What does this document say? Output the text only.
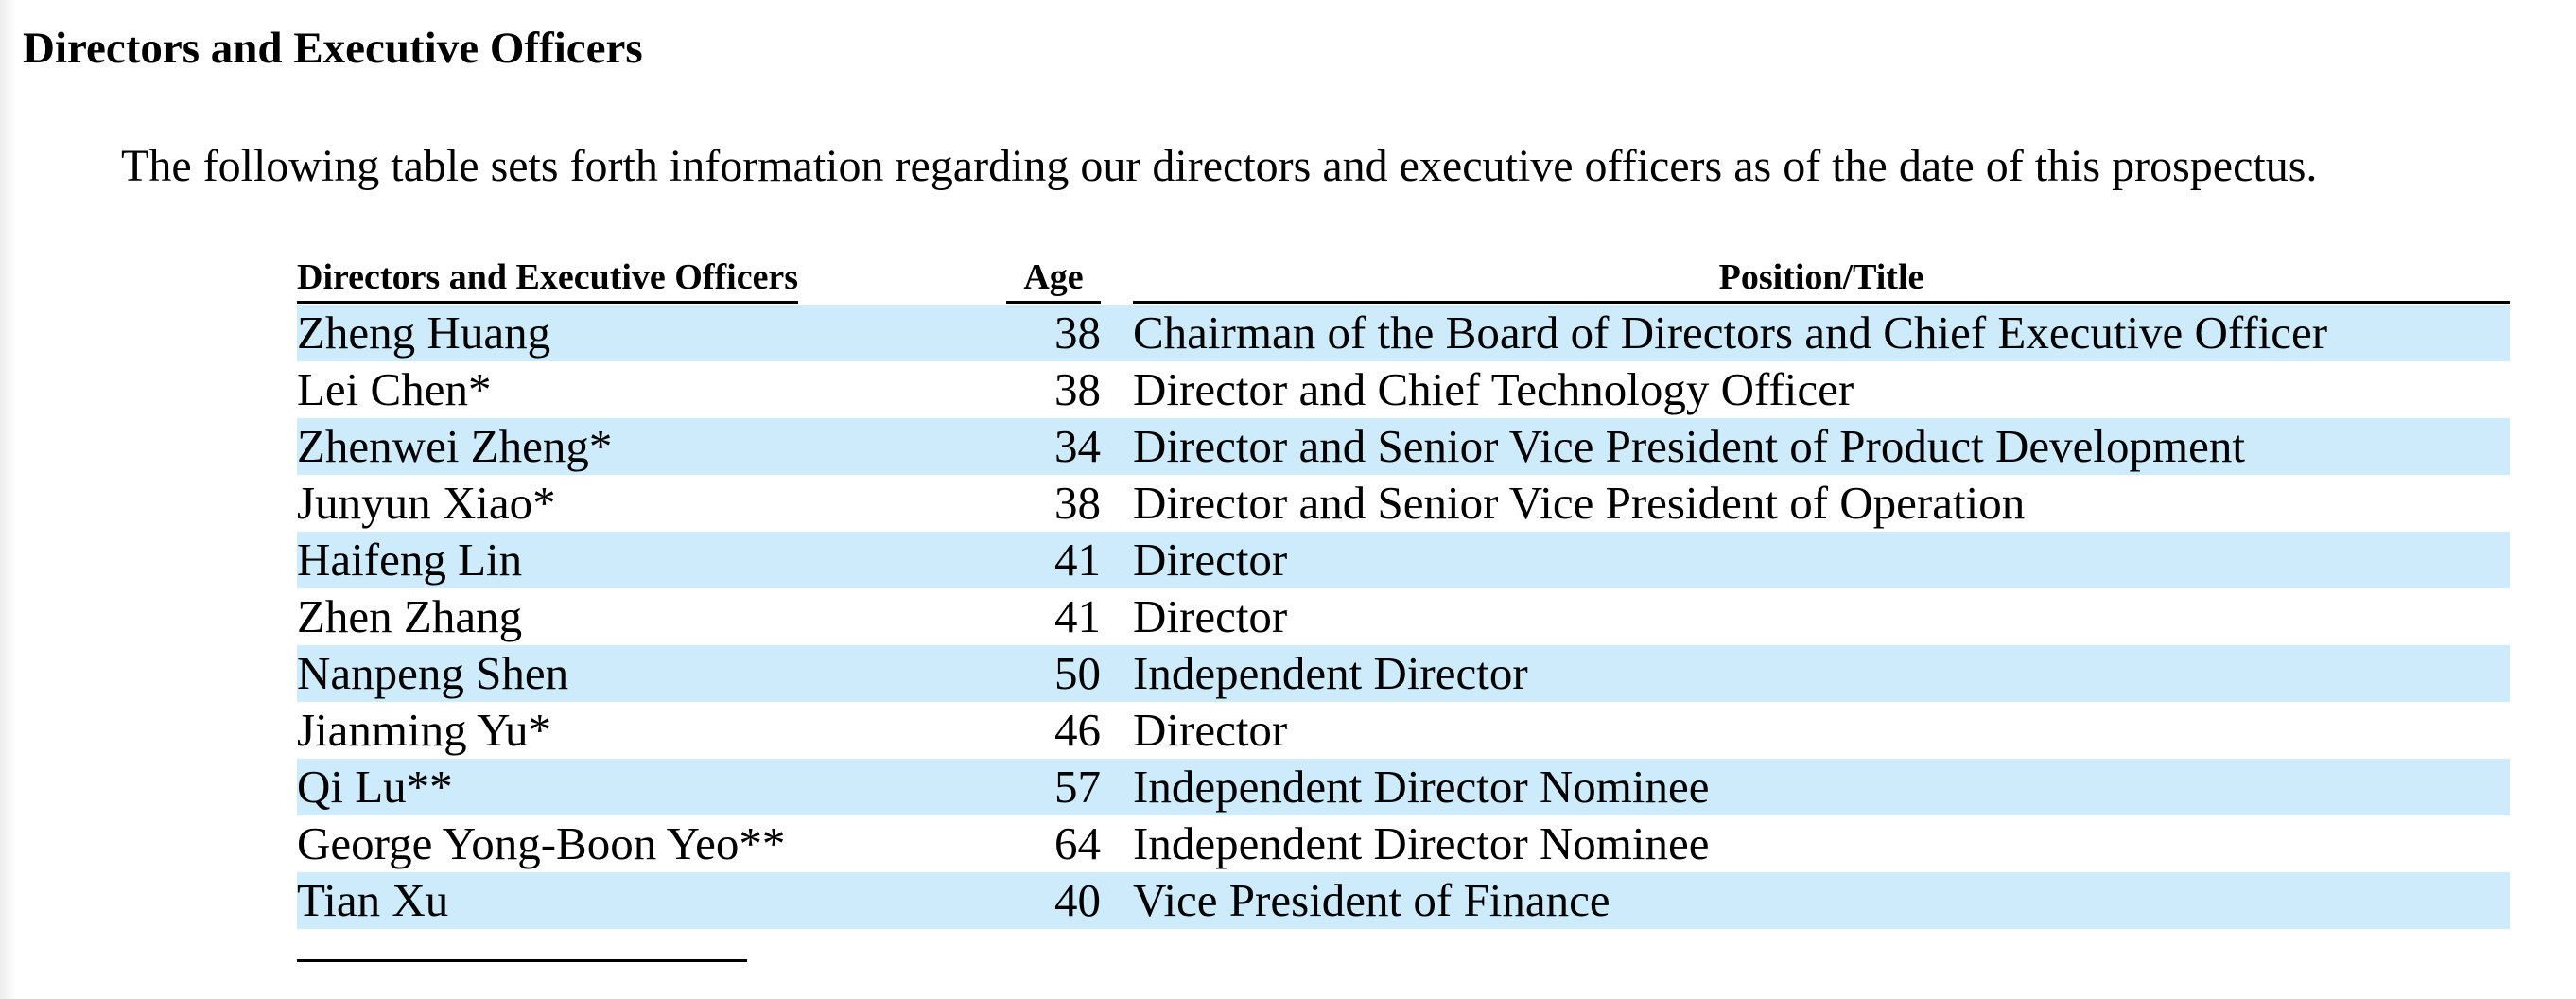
Directors and Executive Officers
The following table sets forth information regarding our directors and executive officers as of the date of this prospectus.
Directors and Executive Officers	Age	Position/Title
Zheng Huang	38 Chairman of the Board of Directors and Chief Executive Officer
Lei Chen*	38 Director and Chief Technology Officer
Zhenwei Zheng*	34 Director and Senior Vice President of Product Development
Junyun Xiao*	38 Director and Senior Vice President of Operation
Haifeng Lin	41 Director
Zhen Zhang	41 Director
Nanpeng Shen	50 Independent Director
Jianming Yu*	46 Director
Qi Lu**	57 Independent Director Nominee
George Yong-Boon Yeo**	64 Independent Director Nominee
Tian Xu	40 Vice President of Finance
